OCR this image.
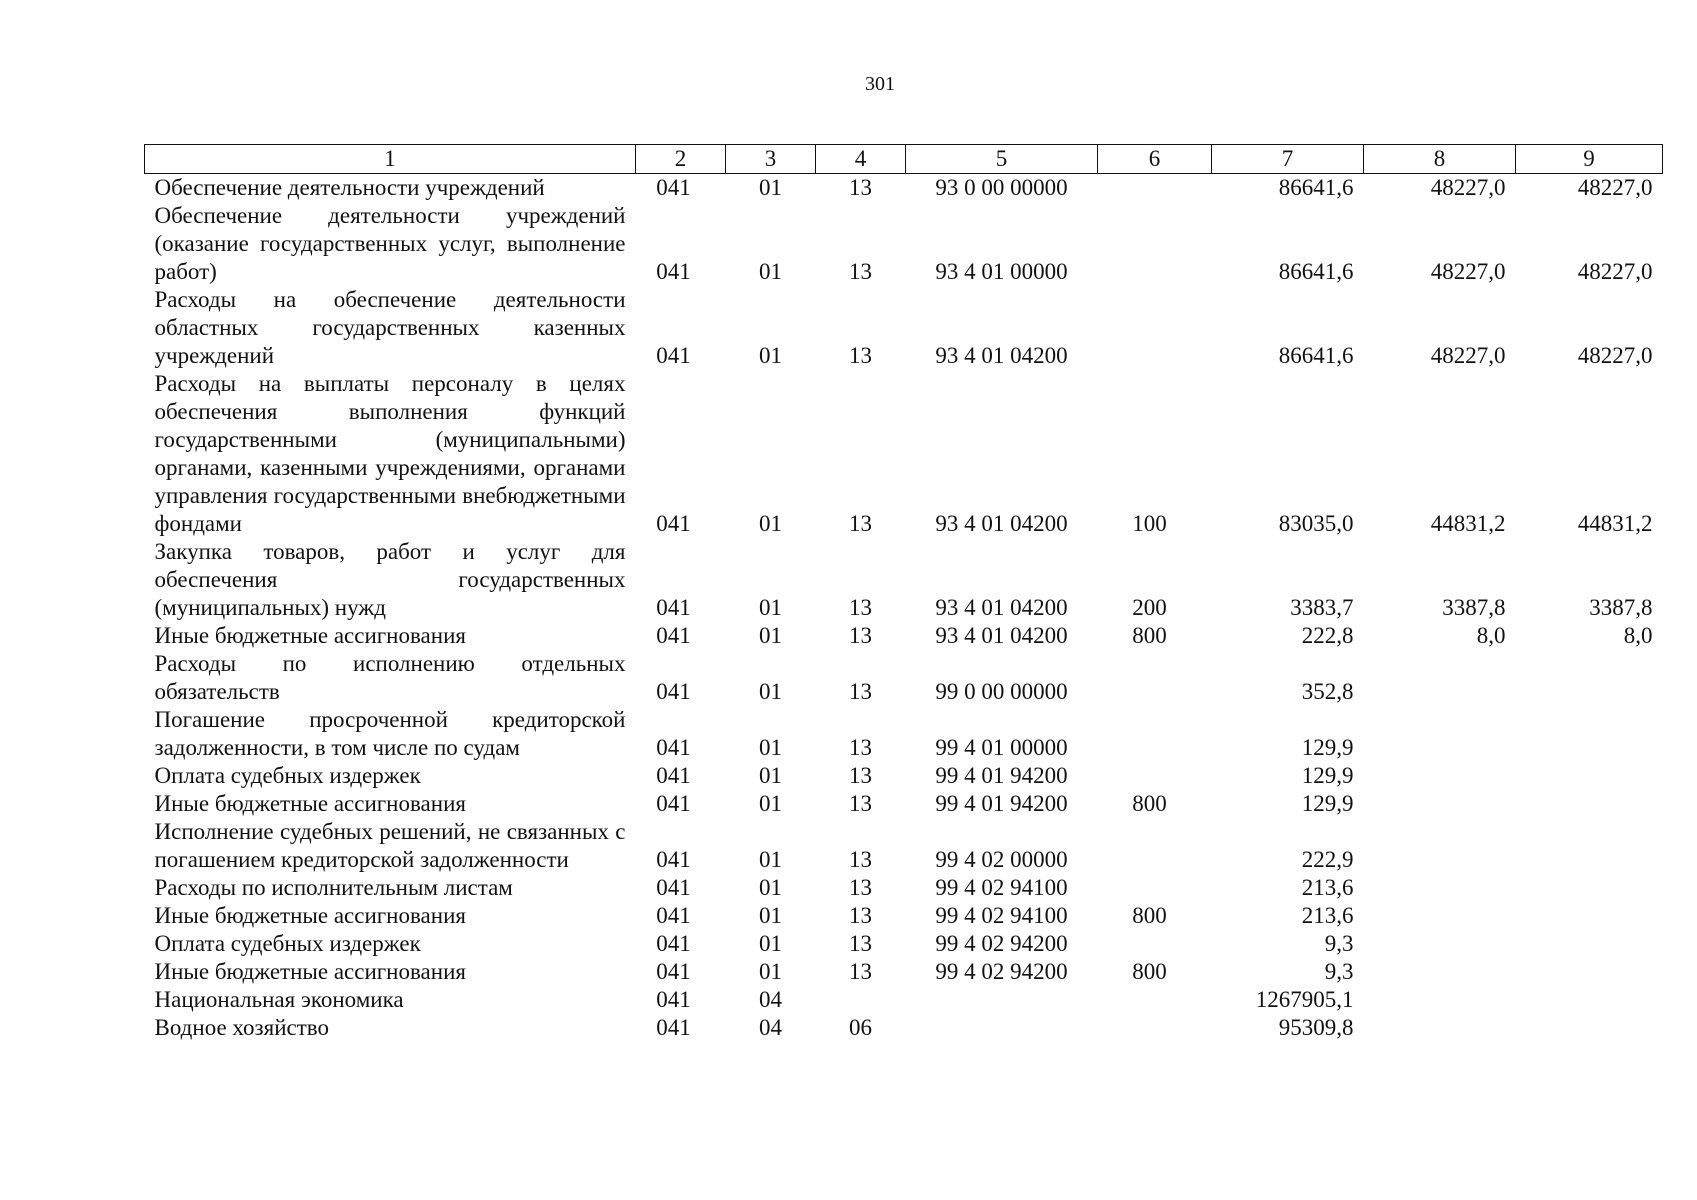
301
1	2	3	4	5	6	7	8	9
Обеспечение деятельности учреждений	041	01	13	93 0 00 00000		86641,6	48227,0	48227,0
Обеспечение деятельности учреждений (оказание государственных услуг, выполнение работ)	041	01	13	93 4 01 00000		86641,6	48227,0	48227,0
Расходы на обеспечение деятельности областных государственных казенных учреждений	041	01	13	93 4 01 04200		86641,6	48227,0	48227,0
Расходы на выплаты персоналу в целях обеспечения выполнения функций государственными (муниципальными) органами, казенными учреждениями, органами управления государственными внебюджетными фондами	041	01	13	93 4 01 04200	100	83035,0	44831,2	44831,2
Закупка товаров, работ и услуг для обеспечения государственных (муниципальных) нужд	041	01	13	93 4 01 04200	200	3383,7	3387,8	3387,8
Иные бюджетные ассигнования	041	01	13	93 4 01 04200	800	222,8	8,0	8,0
Расходы по исполнению отдельных обязательств	041	01	13	99 0 00 00000		352,8		
Погашение просроченной кредиторской задолженности, в том числе по судам	041	01	13	99 4 01 00000		129,9		
Оплата судебных издержек	041	01	13	99 4 01 94200		129,9		
Иные бюджетные ассигнования	041	01	13	99 4 01 94200	800	129,9		
Исполнение судебных решений, не связанных с погашением кредиторской задолженности	041	01	13	99 4 02 00000		222,9		
Расходы по исполнительным листам	041	01	13	99 4 02 94100		213,6		
Иные бюджетные ассигнования	041	01	13	99 4 02 94100	800	213,6		
Оплата судебных издержек	041	01	13	99 4 02 94200		9,3		
Иные бюджетные ассигнования	041	01	13	99 4 02 94200	800	9,3		
Национальная экономика	041	04				1267905,1		
Водное хозяйство	041	04	06			95309,8		
